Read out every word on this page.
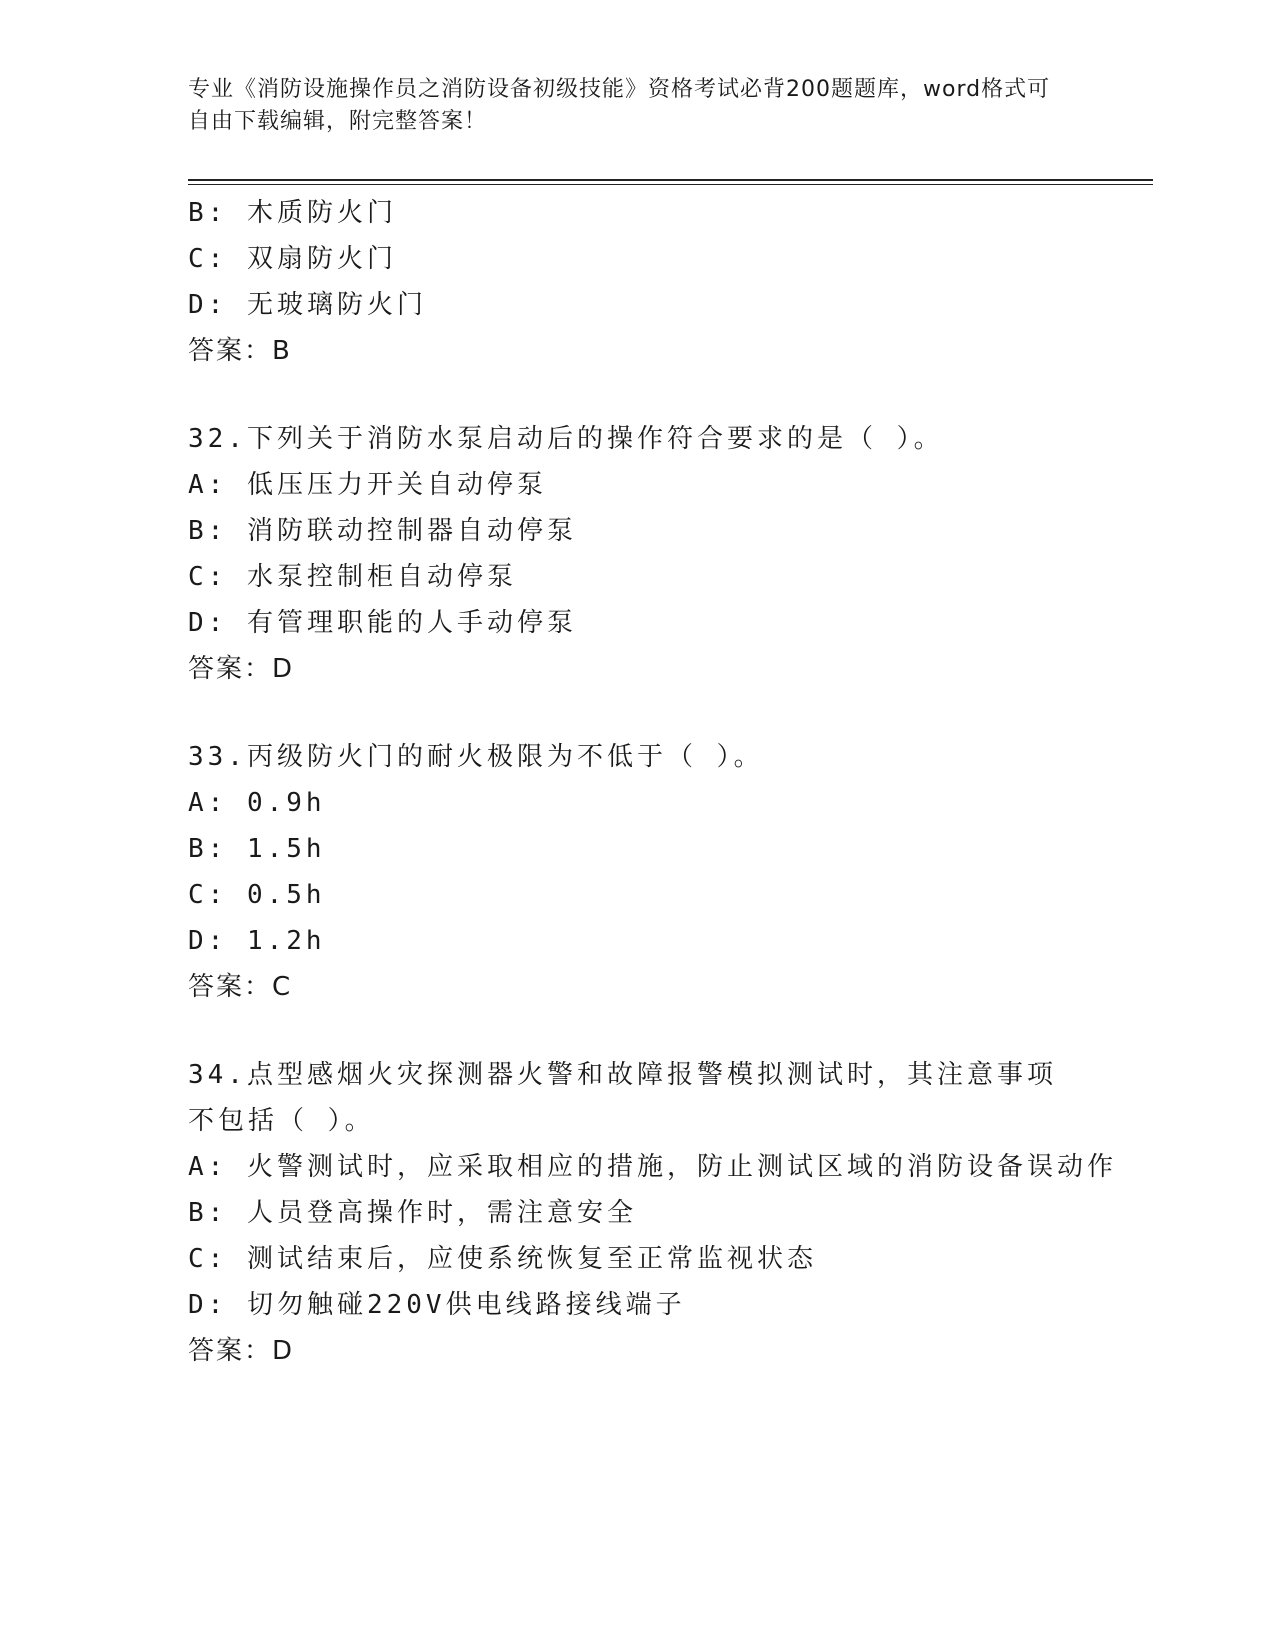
专业《消防设施操作员之消防设备初级技能》资格考试必背200题题库，word格式可自由下载编辑，附完整答案！
B: 木质防火门
C: 双扇防火门
D: 无玻璃防火门
答案：B
32.下列关于消防水泵启动后的操作符合要求的是（ ）。
A: 低压压力开关自动停泵
B: 消防联动控制器自动停泵
C: 水泵控制柜自动停泵
D: 有管理职能的人手动停泵
答案：D
33.丙级防火门的耐火极限为不低于（ ）。
A: 0.9h
B: 1.5h
C: 0.5h
D: 1.2h
答案：C
34.点型感烟火灾探测器火警和故障报警模拟测试时，其注意事项不包括（ ）。
A: 火警测试时，应采取相应的措施，防止测试区域的消防设备误动作
B: 人员登高操作时，需注意安全
C: 测试结束后，应使系统恢复至正常监视状态
D: 切勿触碰220V供电线路接线端子
答案：D
